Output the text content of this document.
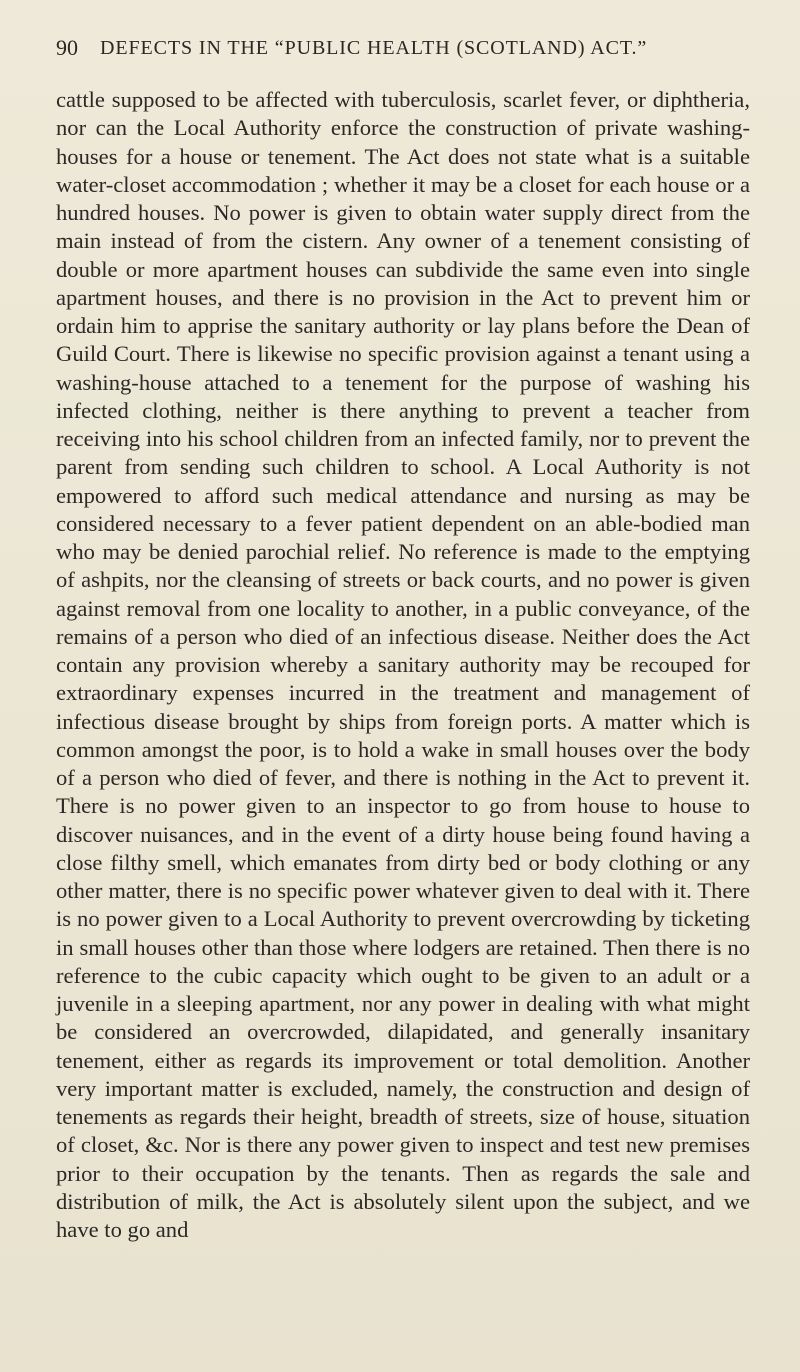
90 DEFECTS IN THE “PUBLIC HEALTH (SCOTLAND) ACT.”

cattle supposed to be affected with tuberculosis, scarlet fever, or diphtheria, nor can the Local Authority enforce the construction of private washing-houses for a house or tenement. The Act does not state what is a suitable water-closet accommodation ; whether it may be a closet for each house or a hundred houses. No power is given to obtain water supply direct from the main instead of from the cistern. Any owner of a tenement consisting of double or more apartment houses can subdivide the same even into single apartment houses, and there is no provision in the Act to prevent him or ordain him to apprise the sanitary authority or lay plans before the Dean of Guild Court. There is likewise no specific provision against a tenant using a washing-house attached to a tenement for the purpose of washing his infected clothing, neither is there anything to prevent a teacher from receiving into his school children from an infected family, nor to prevent the parent from sending such children to school. A Local Authority is not empowered to afford such medical attendance and nursing as may be considered necessary to a fever patient dependent on an able-bodied man who may be denied parochial relief. No reference is made to the emptying of ashpits, nor the cleansing of streets or back courts, and no power is given against removal from one locality to another, in a public conveyance, of the remains of a person who died of an infectious disease. Neither does the Act contain any provision whereby a sanitary authority may be recouped for extraordinary expenses incurred in the treatment and management of infectious disease brought by ships from foreign ports. A matter which is common amongst the poor, is to hold a wake in small houses over the body of a person who died of fever, and there is nothing in the Act to prevent it. There is no power given to an inspector to go from house to house to discover nuisances, and in the event of a dirty house being found having a close filthy smell, which emanates from dirty bed or body clothing or any other matter, there is no specific power whatever given to deal with it. There is no power given to a Local Authority to prevent overcrowding by ticketing in small houses other than those where lodgers are retained. Then there is no reference to the cubic capacity which ought to be given to an adult or a juvenile in a sleeping apartment, nor any power in dealing with what might be considered an overcrowded, dilapidated, and generally insanitary tenement, either as regards its improvement or total demolition. Another very important matter is excluded, namely, the construction and design of tenements as regards their height, breadth of streets, size of house, situation of closet, &c. Nor is there any power given to inspect and test new premises prior to their occupation by the tenants. Then as regards the sale and distribution of milk, the Act is absolutely silent upon the subject, and we have to go and
